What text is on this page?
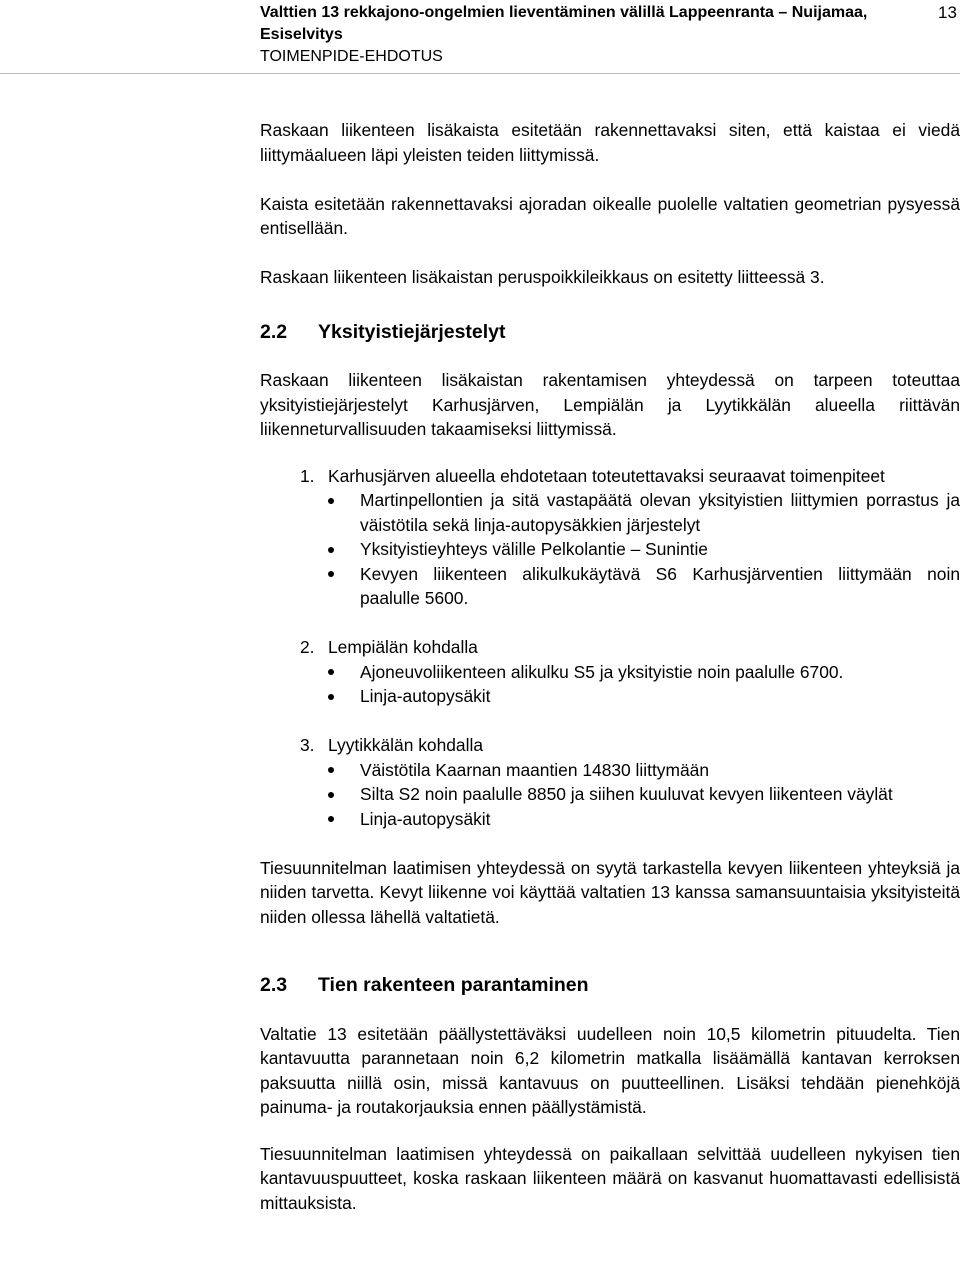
Valttien 13 rekkajono-ongelmien lieventäminen välillä Lappeenranta – Nuijamaa, Esiselvitys
13
TOIMENPIDE-EHDOTUS

Raskaan liikenteen lisäkaista esitetään rakennettavaksi siten, että kaistaa ei viedä liittymäalueen läpi yleisten teiden liittymissä.

Kaista esitetään rakennettavaksi ajoradan oikealle puolelle valtatien geometrian pysyessä entisellään.

Raskaan liikenteen lisäkaistan peruspoikkileikkaus on esitetty liitteessä 3.

2.2 Yksityistiejärjestelyt

Raskaan liikenteen lisäkaistan rakentamisen yhteydessä on tarpeen toteuttaa yksityistiejärjestelyt Karhusjärven, Lempiälän ja Lyytikkälän alueella riittävän liikenneturvallisuuden takaamiseksi liittymissä.

1. Karhusjärven alueella ehdotetaan toteutettavaksi seuraavat toimenpiteet
Martinpellontien ja sitä vastapäätä olevan yksityistien liittymien porrastus ja väistötila sekä linja-autopysäkkien järjestelyt
Yksityistieyhteys välille Pelkolantie – Sunintie
Kevyen liikenteen alikulkukäytävä S6 Karhusjärventien liittymään noin paalulle 5600.
2. Lempiälän kohdalla
Ajoneuvoliikenteen alikulku S5 ja yksityistie noin paalulle 6700.
Linja-autopysäkit
3. Lyytikkälän kohdalla
Väistötila Kaarnan maantien 14830 liittymään
Silta S2 noin paalulle 8850 ja siihen kuuluvat kevyen liikenteen väylät
Linja-autopysäkit

Tiesuunnitelman laatimisen yhteydessä on syytä tarkastella kevyen liikenteen yhteyksiä ja niiden tarvetta. Kevyt liikenne voi käyttää valtatien 13 kanssa samansuuntaisia yksityisteitä niiden ollessa lähellä valtatietä.

2.3 Tien rakenteen parantaminen

Valtatie 13 esitetään päällystettäväksi uudelleen noin 10,5 kilometrin pituudelta. Tien kantavuutta parannetaan noin 6,2 kilometrin matkalla lisäämällä kantavan kerroksen paksuutta niillä osin, missä kantavuus on puutteellinen. Lisäksi tehdään pienehköjä painuma- ja routakorjauksia ennen päällystämistä.

Tiesuunnitelman laatimisen yhteydessä on paikallaan selvittää uudelleen nykyisen tien kantavuuspuutteet, koska raskaan liikenteen määrä on kasvanut huomattavasti edellisistä mittauksista.
